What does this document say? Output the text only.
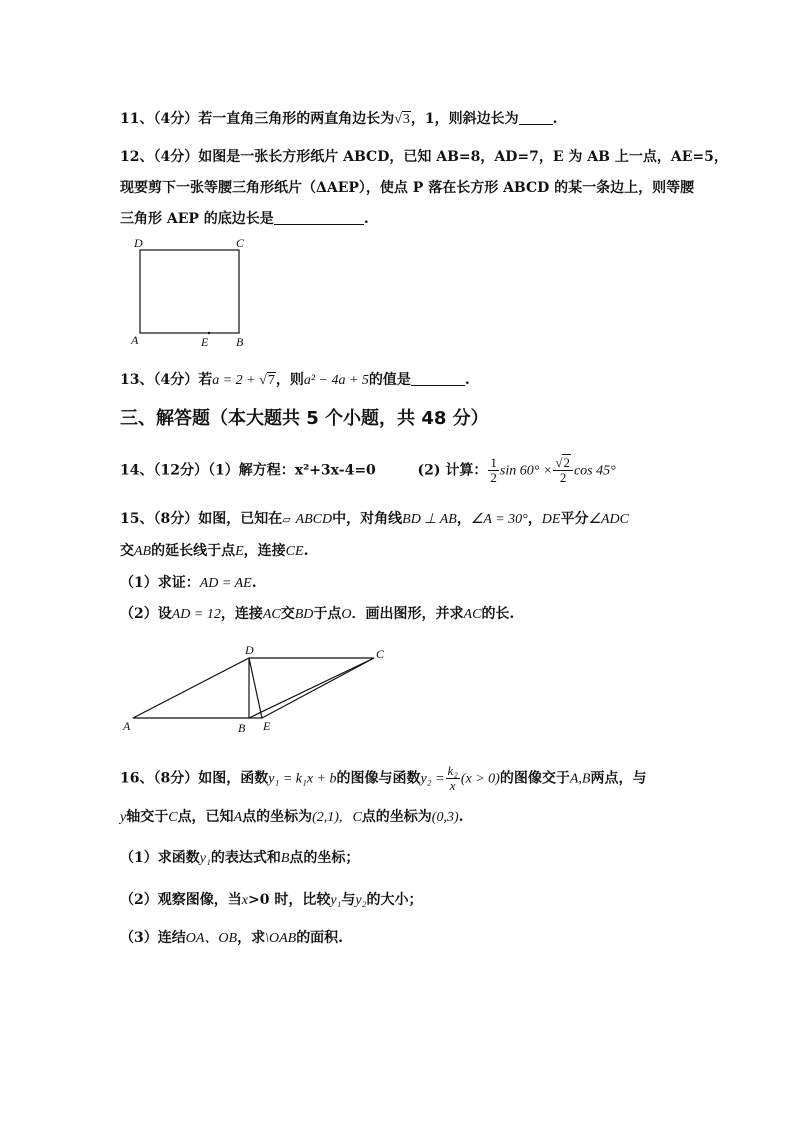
11、（4分）若一直角三角形的两直角边长为√3，1，则斜边长为 .
12、（4分）如图是一张长方形纸片 ABCD，已知 AB=8，AD=7，E 为 AB 上一点，AE=5，
现要剪下一张等腰三角形纸片（ΔAEP），使点 P 落在长方形 ABCD 的某一条边上，则等腰
三角形 AEP 的底边长是	.
D	C
A	E B
13、（4分）若a = 2 + √7，则a² − 4a + 5的值是	.
三、解答题（本大题共 5 个小题，共 48 分）
14、（12分）（1）解方程：x²+3x-4=0	(2) 计算： $\frac{1}{2}$ $\sin 60^\circ \times \frac{√2}{2}$ cos 45°
15、（8分）如图，已知在▱ ABCD中，对角线BD ⊥ AB，∠A = 30°，DE平分∠ADC
交AB的延长线于点E，连接CE.
（1）求证：AD = AE.
（2）设AD = 12，连接AC交BD于点O．画出图形，并求AC的长.
D	C
A	B E
16、（8分）如图，函数y₁ = k₁x + b的图像与函数$y_2 = \frac{\text{k₂}}{x} (x > 0)$的图像交于A,B两点，与
y轴交于C点，已知A点的坐标为(2,1), C点的坐标为(0,3).
（1）求函数y₁的表达式和B点的坐标；
（2）观察图像，当x>0 时，比较y₁与y₂的大小；
（3）连结OA、OB，求\OAB的面积.
